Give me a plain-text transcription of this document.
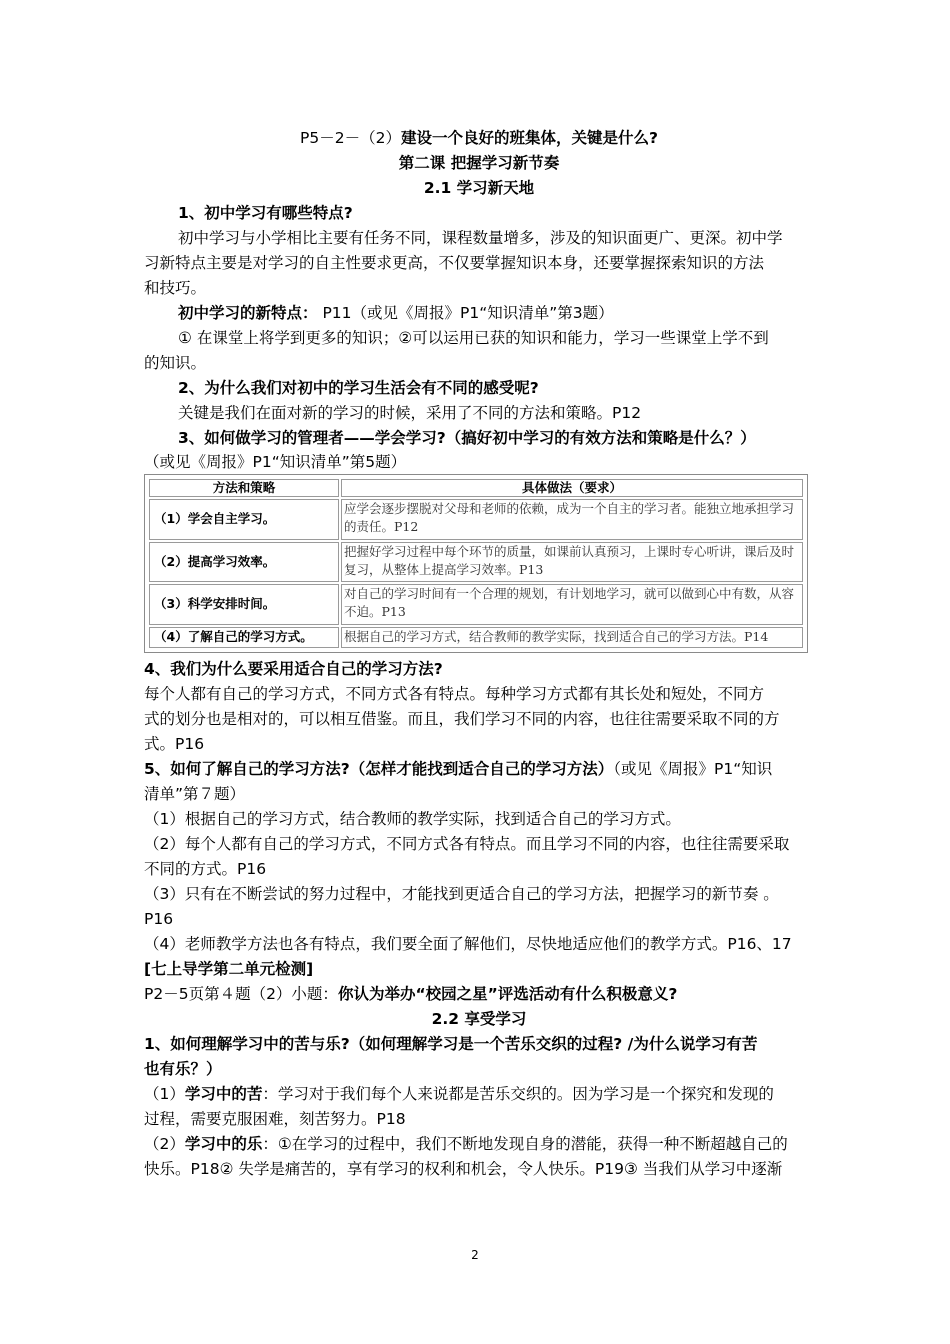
P5－2－（2）建设一个良好的班集体，关键是什么?
第二课 把握学习新节奏
2.1 学习新天地
1、初中学习有哪些特点?
初中学习与小学相比主要有任务不同，课程数量增多，涉及的知识面更广、更深。初中学
习新特点主要是对学习的自主性要求更高，不仅要掌握知识本身，还要掌握探索知识的方法
和技巧。
初中学习的新特点： P11（或见《周报》P1“知识清单”第3题）
① 在课堂上将学到更多的知识；②可以运用已获的知识和能力，学习一些课堂上学不到
的知识。
2、为什么我们对初中的学习生活会有不同的感受呢?
关键是我们在面对新的学习的时候，采用了不同的方法和策略。P12
3、如何做学习的管理者——学会学习?（搞好初中学习的有效方法和策略是什么？）
（或见《周报》P1“知识清单”第5题）
方法和策略	具体做法（要求）
（1）学会自主学习。	应学会逐步摆脱对父母和老师的依赖，成为一个自主的学习者。能独立地承担学习的责任。P12
（2）提高学习效率。	把握好学习过程中每个环节的质量，如课前认真预习，上课时专心听讲，课后及时复习，从整体上提高学习效率。P13
（3）科学安排时间。	对自己的学习时间有一个合理的规划，有计划地学习，就可以做到心中有数，从容不迫。P13
（4）了解自己的学习方式。	根据自己的学习方式，结合教师的教学实际，找到适合自己的学习方法。P14
4、我们为什么要采用适合自己的学习方法?
每个人都有自己的学习方式，不同方式各有特点。每种学习方式都有其长处和短处，不同方
式的划分也是相对的，可以相互借鉴。而且，我们学习不同的内容，也往往需要采取不同的方
式。P16
5、如何了解自己的学习方法?（怎样才能找到适合自己的学习方法）（或见《周报》P1“知识
清单”第７题）
（1）根据自己的学习方式，结合教师的教学实际，找到适合自己的学习方式。
（2）每个人都有自己的学习方式，不同方式各有特点。而且学习不同的内容，也往往需要采取
不同的方式。P16
（3）只有在不断尝试的努力过程中，才能找到更适合自己的学习方法，把握学习的新节奏 。
P16
（4）老师教学方法也各有特点，我们要全面了解他们，尽快地适应他们的教学方式。P16、17
[七上导学第二单元检测]
P2－5页第４题（2）小题：你认为举办“校园之星”评选活动有什么积极意义?
2.2 享受学习
1、如何理解学习中的苦与乐?（如何理解学习是一个苦乐交织的过程? /为什么说学习有苦
也有乐？）
（1）学习中的苦：学习对于我们每个人来说都是苦乐交织的。因为学习是一个探究和发现的
过程，需要克服困难，刻苦努力。P18
（2）学习中的乐：①在学习的过程中，我们不断地发现自身的潜能，获得一种不断超越自己的
快乐。P18② 失学是痛苦的，享有学习的权利和机会，令人快乐。P19③ 当我们从学习中逐渐
2
